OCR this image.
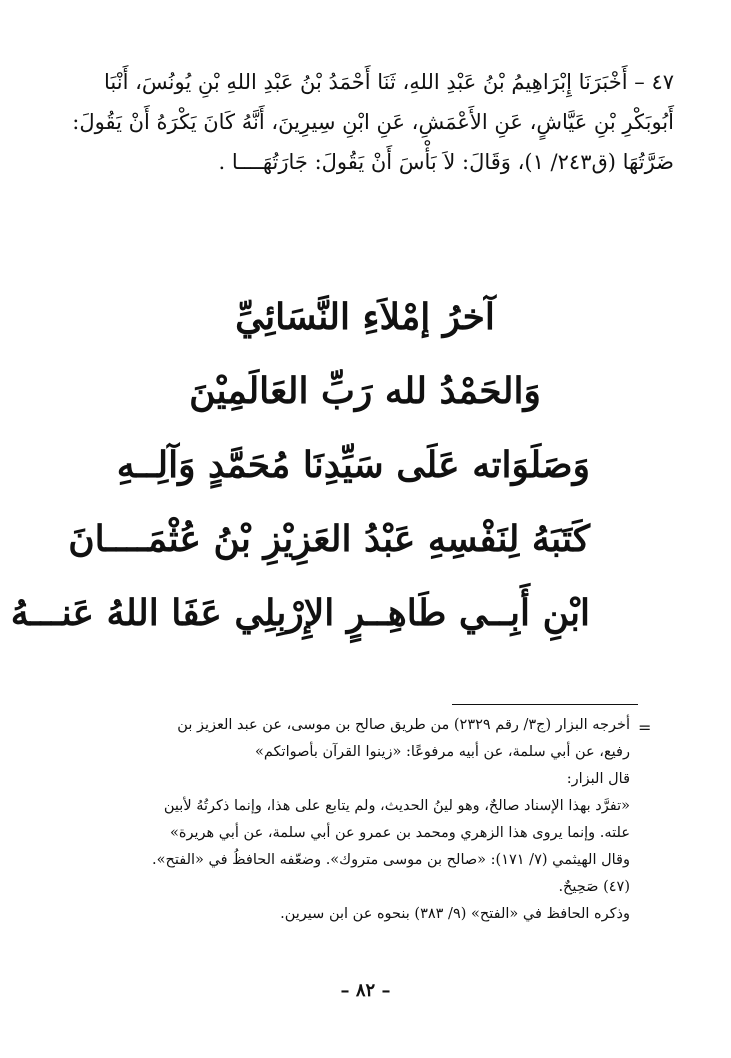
٤٧ – أَخْبَرَنَا إِبْرَاهِيمُ بْنُ عَبْدِ اللهِ، ثَنَا أَحْمَدُ بْنُ عَبْدِ اللهِ بْنِ يُونُسَ، أَنْبَا
أَبُوبَكْرِ بْنِ عَيَّاشٍ، عَنِ الأَعْمَشِ، عَنِ ابْنِ سِيرِينَ، أَنَّهُ كَانَ يَكْرَهُ أَنْ يَقُولَ:
ضَرَّتُهَا (ق٢٤٣/ ١)، وَقَالَ: لاَ بَأْسَ أَنْ يَقُولَ: جَارَتُهَــــا .
آخرُ إمْلاَءِ النَّسَائِيِّ
وَالحَمْدُ لله رَبِّ العَالَمِيْنَ
وَصَلَوَاته عَلَى سَيِّدِنَا مُحَمَّدٍ وَآلِــهِ
كَتَبَهُ لِنَفْسِهِ عَبْدُ العَزِيْزِ بْنُ عُثْمَــــانَ
ابْنِ أَبِــي طَاهِــرٍ الإِرْبِلِي عَفَا اللهُ عَنـــهُ
=
أخرجه البزار (ج٣/ رقم ٢٣٢٩) من طريق صالح بن موسى، عن عبد العزيز بن
رفيع، عن أبي سلمة، عن أبيه مرفوعًا: «زينوا القرآن بأصواتكم»
قال البزار:
«تفرَّد بهذا الإسناد صالحٌ، وهو لينُ الحديث، ولم يتابع على هذا، وإنما ذكرتُهُ لأبين
علته. وإنما يروى هذا الزهري ومحمد بن عمرو عن أبي سلمة، عن أبي هريرة»
وقال الهيثمي (٧/ ١٧١): «صالح بن موسى متروك». وضعّفه الحافظُ في «الفتح».
(٤٧) صَحِيحٌ.
وذكره الحافظ في «الفتح» (٩/ ٣٨٣) بنحوه عن ابن سيرين.
– ٨٢ –
